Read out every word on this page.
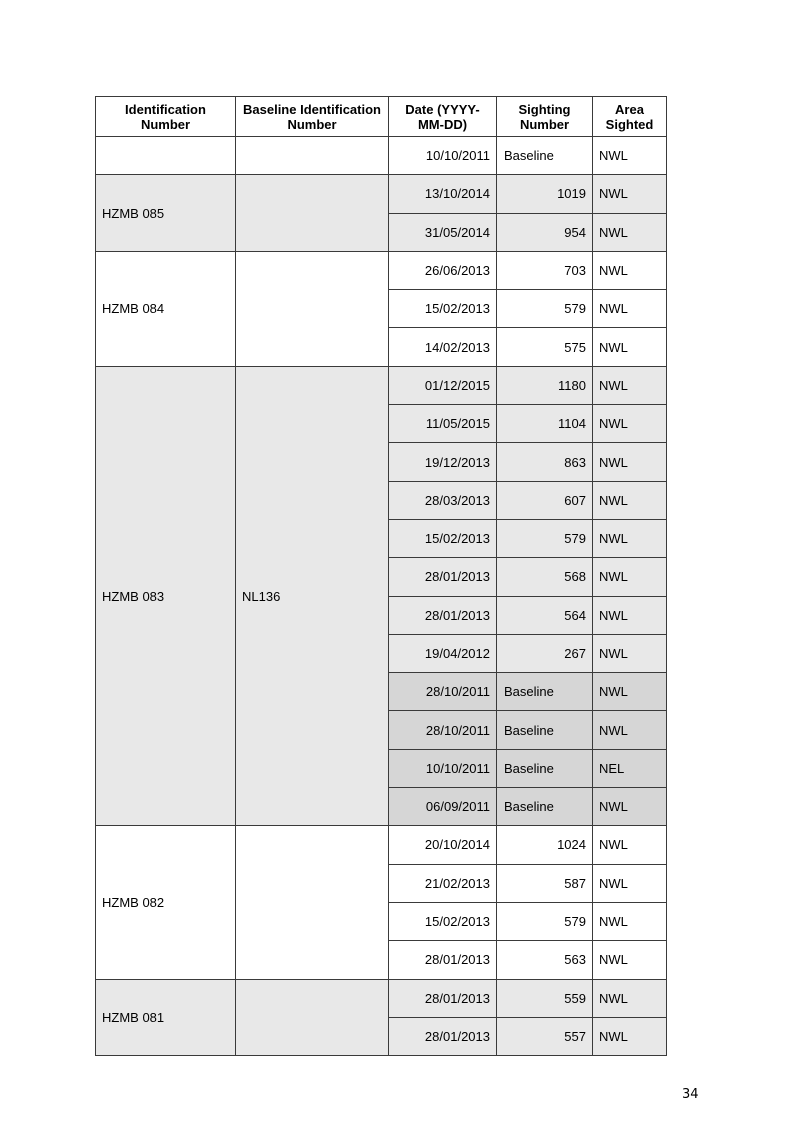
Identification Number	Baseline Identification Number	Date (YYYY-MM-DD)	Sighting Number	Area Sighted
		10/10/2011	Baseline	NWL
HZMB 085		13/10/2014	1019	NWL
		31/05/2014	954	NWL
HZMB 084		26/06/2013	703	NWL
		15/02/2013	579	NWL
		14/02/2013	575	NWL
HZMB 083	NL136	01/12/2015	1180	NWL
		11/05/2015	1104	NWL
		19/12/2013	863	NWL
		28/03/2013	607	NWL
		15/02/2013	579	NWL
		28/01/2013	568	NWL
		28/01/2013	564	NWL
		19/04/2012	267	NWL
		28/10/2011	Baseline	NWL
		28/10/2011	Baseline	NWL
		10/10/2011	Baseline	NEL
		06/09/2011	Baseline	NWL
HZMB 082		20/10/2014	1024	NWL
		21/02/2013	587	NWL
		15/02/2013	579	NWL
		28/01/2013	563	NWL
HZMB 081		28/01/2013	559	NWL
		28/01/2013	557	NWL
34
